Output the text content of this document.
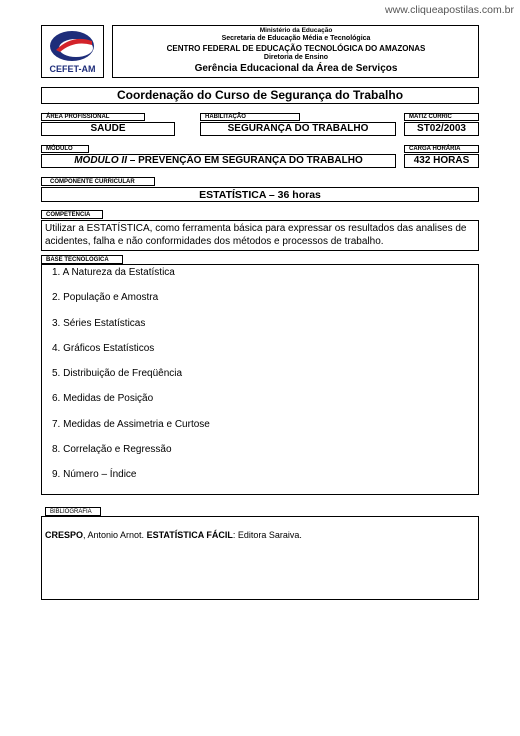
www.cliqueapostilas.com.br
CEFET-AM
Ministério da Educação
Secretaria de Educação Média e Tecnológica
CENTRO FEDERAL DE EDUCAÇÃO TECNOLÓGICA DO AMAZONAS
Diretoria de Ensino
Gerência Educacional da Área de Serviços
Coordenação do Curso de Segurança do Trabalho
ÁREA PROFISSIONAL
SAÚDE
HABILITAÇÃO
SEGURANÇA DO TRABALHO
MATIZ CURRIC
ST02/2003
MÓDULO
MÓDULO II – PREVENÇÃO EM SEGURANÇA DO TRABALHO
CARGA HORÁRIA
432 HORAS
COMPONENTE CURRICULAR
ESTATÍSTICA – 36 horas
COMPETÊNCIA
Utilizar a ESTATÍSTICA, como ferramenta básica para expressar os resultados das analises de
acidentes, falha e não conformidades dos métodos e processos de trabalho.
BASE TECNOLÓGICA
1. A Natureza da Estatística
2. População e Amostra
3. Séries Estatísticas
4. Gráficos Estatísticos
5. Distribuição de Freqüência
6. Medidas de Posição
7. Medidas de Assimetria e Curtose
8. Correlação e Regressão
9. Número – Índice
BIBLIOGRAFIA
CRESPO, Antonio Arnot. ESTATÍSTICA FÁCIL: Editora Saraiva.
